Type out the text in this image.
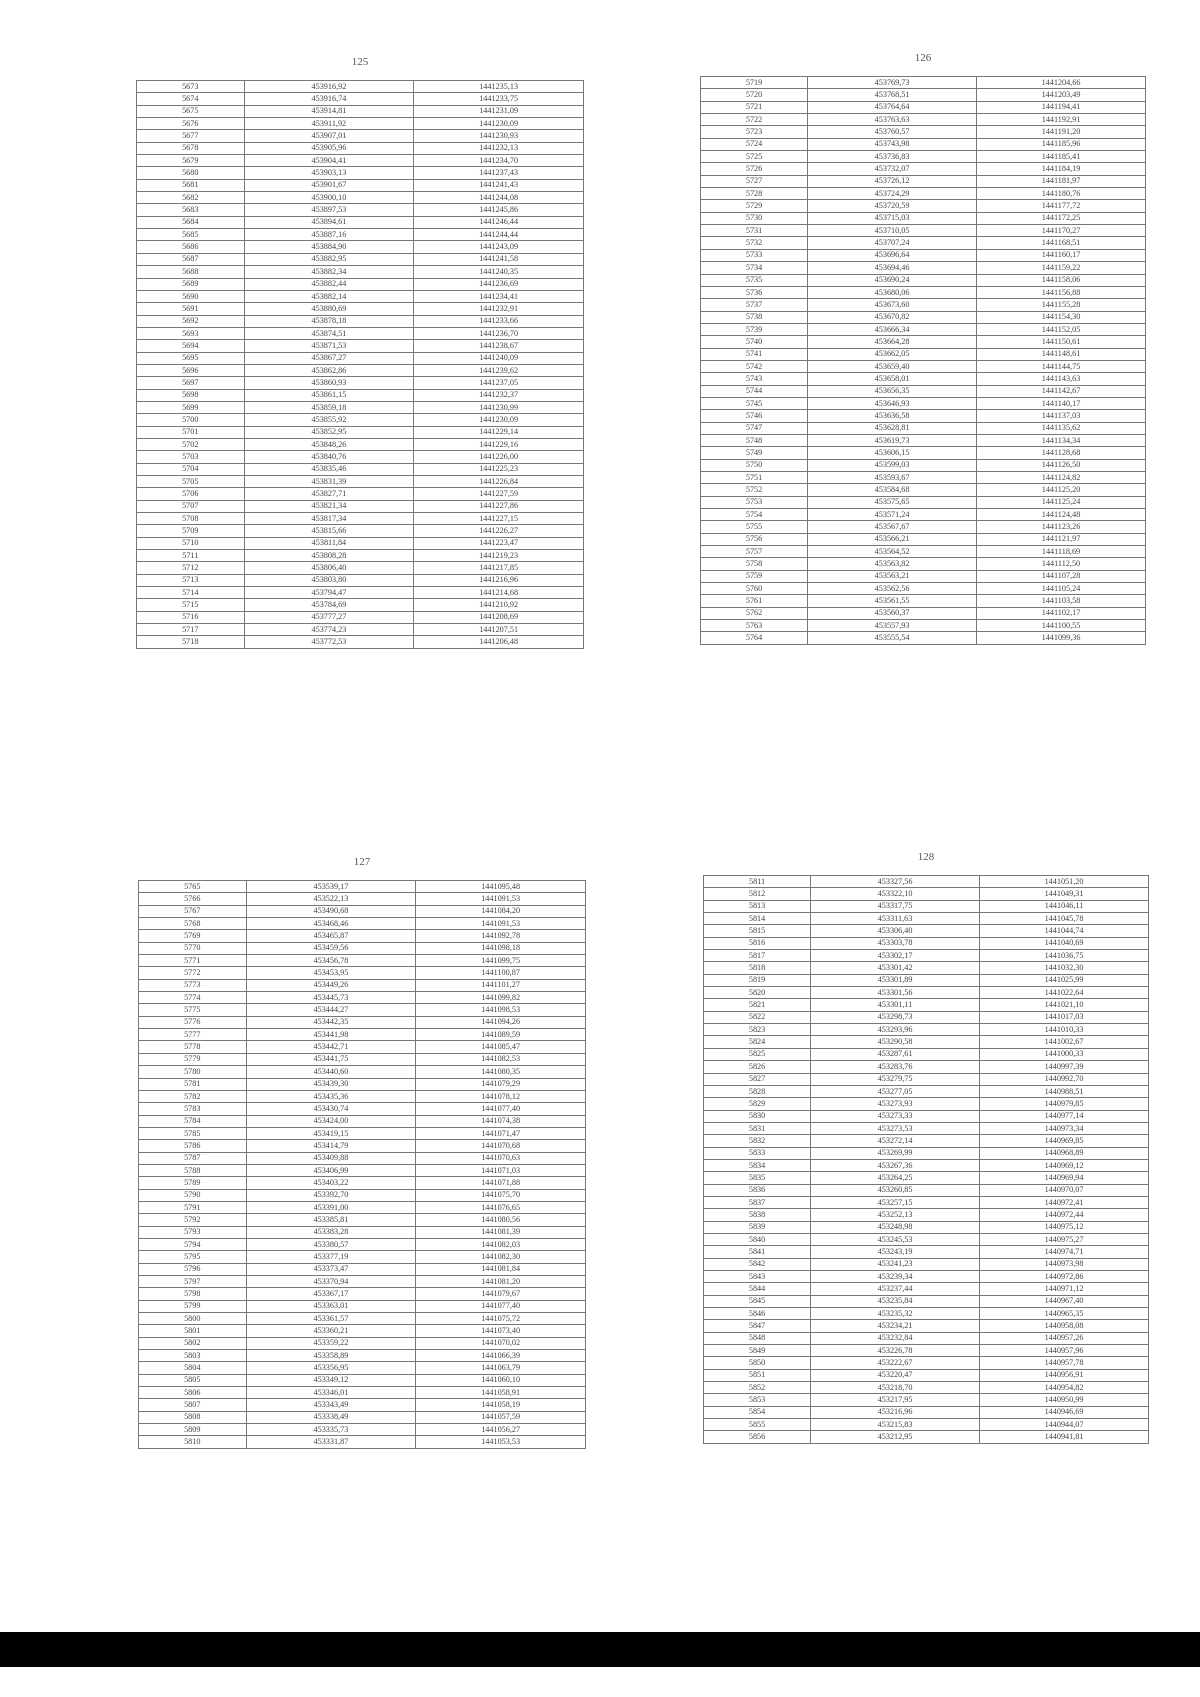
125
5673	453916,92	1441235,13
5674	453916,74	1441233,75
5675	453914,81	1441231,09
5676	453911,92	1441230,09
5677	453907,01	1441230,93
5678	453905,96	1441232,13
5679	453904,41	1441234,70
5680	453903,13	1441237,43
5681	453901,67	1441241,43
5682	453900,10	1441244,08
5683	453897,53	1441245,86
5684	453894,61	1441246,44
5685	453887,16	1441244,44
5686	453884,90	1441243,09
5687	453882,95	1441241,58
5688	453882,34	1441240,35
5689	453882,44	1441236,69
5690	453882,14	1441234,41
5691	453880,69	1441232,91
5692	453878,18	1441233,66
5693	453874,51	1441236,70
5694	453871,53	1441238,67
5695	453867,27	1441240,09
5696	453862,86	1441239,62
5697	453860,93	1441237,05
5698	453861,15	1441232,37
5699	453859,18	1441230,99
5700	453855,92	1441230,09
5701	453852,95	1441229,14
5702	453848,26	1441229,16
5703	453840,76	1441226,00
5704	453835,46	1441225,23
5705	453831,39	1441226,84
5706	453827,71	1441227,59
5707	453821,34	1441227,86
5708	453817,34	1441227,15
5709	453815,66	1441226,27
5710	453811,84	1441223,47
5711	453808,28	1441219,23
5712	453806,40	1441217,85
5713	453803,80	1441216,96
5714	453794,47	1441214,68
5715	453784,69	1441210,92
5716	453777,27	1441208,69
5717	453774,23	1441207,51
5718	453772,53	1441206,48
126
5719	453769,73	1441204,66
5720	453768,51	1441203,49
5721	453764,64	1441194,41
5722	453763,63	1441192,91
5723	453760,57	1441191,20
5724	453743,98	1441185,96
5725	453736,83	1441185,41
5726	453732,07	1441184,19
5727	453726,12	1441181,97
5728	453724,29	1441180,76
5729	453720,59	1441177,72
5730	453715,03	1441172,25
5731	453710,05	1441170,27
5732	453707,24	1441168,51
5733	453696,64	1441160,17
5734	453694,46	1441159,22
5735	453690,24	1441158,06
5736	453680,06	1441156,88
5737	453673,60	1441155,28
5738	453670,82	1441154,30
5739	453666,34	1441152,05
5740	453664,28	1441150,61
5741	453662,05	1441148,61
5742	453659,40	1441144,75
5743	453658,01	1441143,63
5744	453656,35	1441142,67
5745	453646,93	1441140,17
5746	453636,58	1441137,03
5747	453628,81	1441135,62
5748	453619,73	1441134,34
5749	453606,15	1441128,68
5750	453599,03	1441126,50
5751	453593,67	1441124,82
5752	453584,68	1441125,20
5753	453575,65	1441125,24
5754	453571,24	1441124,48
5755	453567,67	1441123,26
5756	453566,21	1441121,97
5757	453564,52	1441118,69
5758	453563,82	1441112,50
5759	453563,21	1441107,28
5760	453562,56	1441105,24
5761	453561,55	1441103,58
5762	453560,37	1441102,17
5763	453557,93	1441100,55
5764	453555,54	1441099,36
127
5765	453539,17	1441095,48
5766	453522,13	1441091,53
5767	453490,68	1441084,20
5768	453468,46	1441091,53
5769	453465,87	1441092,78
5770	453459,56	1441098,18
5771	453456,78	1441099,75
5772	453453,95	1441100,87
5773	453449,26	1441101,27
5774	453445,73	1441099,82
5775	453444,27	1441098,53
5776	453442,35	1441094,26
5777	453441,98	1441089,59
5778	453442,71	1441085,47
5779	453441,75	1441082,53
5780	453440,60	1441080,35
5781	453439,30	1441079,29
5782	453435,36	1441078,12
5783	453430,74	1441077,40
5784	453424,00	1441074,38
5785	453419,15	1441071,47
5786	453414,79	1441070,68
5787	453409,88	1441070,63
5788	453406,99	1441071,03
5789	453403,22	1441071,88
5790	453392,70	1441075,70
5791	453391,00	1441076,65
5792	453385,81	1441080,56
5793	453383,28	1441081,39
5794	453380,57	1441082,03
5795	453377,19	1441082,30
5796	453373,47	1441081,84
5797	453370,94	1441081,20
5798	453367,17	1441079,67
5799	453363,01	1441077,40
5800	453361,57	1441075,72
5801	453360,21	1441073,40
5802	453359,22	1441070,02
5803	453358,89	1441066,39
5804	453356,95	1441063,79
5805	453349,12	1441060,10
5806	453346,01	1441058,91
5807	453343,49	1441058,19
5808	453338,49	1441057,59
5809	453335,73	1441056,27
5810	453331,87	1441053,53
128
5811	453327,56	1441051,20
5812	453322,10	1441049,31
5813	453317,75	1441046,11
5814	453311,63	1441045,78
5815	453306,40	1441044,74
5816	453303,78	1441040,69
5817	453302,17	1441036,75
5818	453301,42	1441032,30
5819	453301,89	1441025,99
5820	453301,56	1441022,64
5821	453301,11	1441021,10
5822	453298,73	1441017,03
5823	453293,96	1441010,33
5824	453290,58	1441002,67
5825	453287,61	1441000,33
5826	453283,76	1440997,39
5827	453279,75	1440992,70
5828	453277,05	1440988,51
5829	453273,93	1440979,85
5830	453273,33	1440977,14
5831	453273,53	1440973,34
5832	453272,14	1440969,85
5833	453269,99	1440968,89
5834	453267,36	1440969,12
5835	453264,25	1440969,94
5836	453260,85	1440970,07
5837	453257,15	1440972,41
5838	453252,13	1440972,44
5839	453248,98	1440975,12
5840	453245,53	1440975,27
5841	453243,19	1440974,71
5842	453241,23	1440973,98
5843	453239,34	1440972,86
5844	453237,44	1440971,12
5845	453235,84	1440967,40
5846	453235,32	1440965,35
5847	453234,21	1440958,08
5848	453232,84	1440957,26
5849	453226,78	1440957,96
5850	453222,67	1440957,78
5851	453220,47	1440956,91
5852	453218,70	1440954,82
5853	453217,95	1440950,99
5854	453216,96	1440946,69
5855	453215,83	1440944,07
5856	453212,95	1440941,81
